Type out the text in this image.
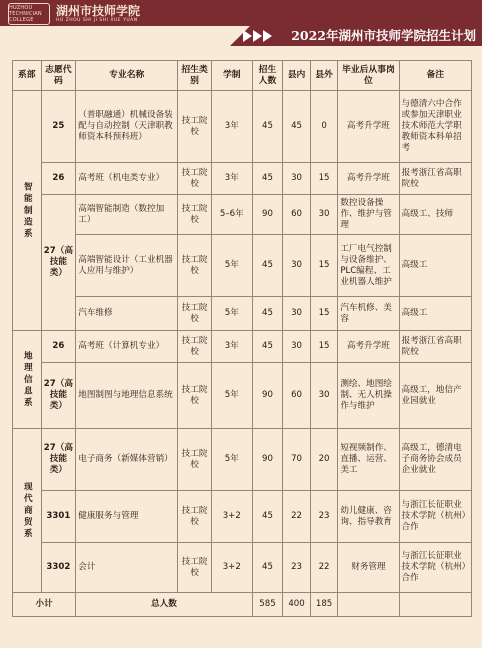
HUZHOU TECHNICIAN COLLEGE
湖州市技师学院
HU ZHOU SHI JI SHI XUE YUAN
2022年湖州市技师学院招生计划
系部	志愿代码	专业名称	招生类别	学制	招生人数	县内	县外	毕业后从事岗位	备注

智能制造系	25	（普职融通）机械设备装配与自动控制（天津职教师资本科预科班）	技工院校	3年	45	45	0	高考升学班	与德清六中合作或参加天津职业技术师范大学职教师资本科单招考
	26	高考班（机电类专业）	技工院校	3年	45	30	15	高考升学班	报考浙江省高职院校
	27（高技能类）	高端智能制造（数控加工）	技工院校	5–6年	90	60	30	数控设备操作、维护与管理	高级工、技师
		高端智能设计（工业机器人应用与维护）	技工院校	5年	45	30	15	工厂电气控制与设备维护、PLC编程、工业机器人维护	高级工
		汽车维修	技工院校	5年	45	30	15	汽车机修、美容	高级工

地理信息系	26	高考班（计算机专业）	技工院校	3年	45	30	15	高考升学班	报考浙江省高职院校
	27（高技能类）	地图制图与地理信息系统	技工院校	5年	90	60	30	测绘、地图绘制、无人机操作与维护	高级工，地信产业园就业

现代商贸系	27（高技能类）	电子商务（新媒体营销）	技工院校	5年	90	70	20	短视频制作、直播、运营、美工	高级工，德清电子商务协会成员企业就业
	3301	健康服务与管理	技工院校	3+2	45	22	23	幼儿健康、咨询、指导教育	与浙江长征职业技术学院（杭州）合作
	3302	会计	技工院校	3+2	45	23	22	财务管理	与浙江长征职业技术学院（杭州）合作
小计		总人数			585	400	185		
